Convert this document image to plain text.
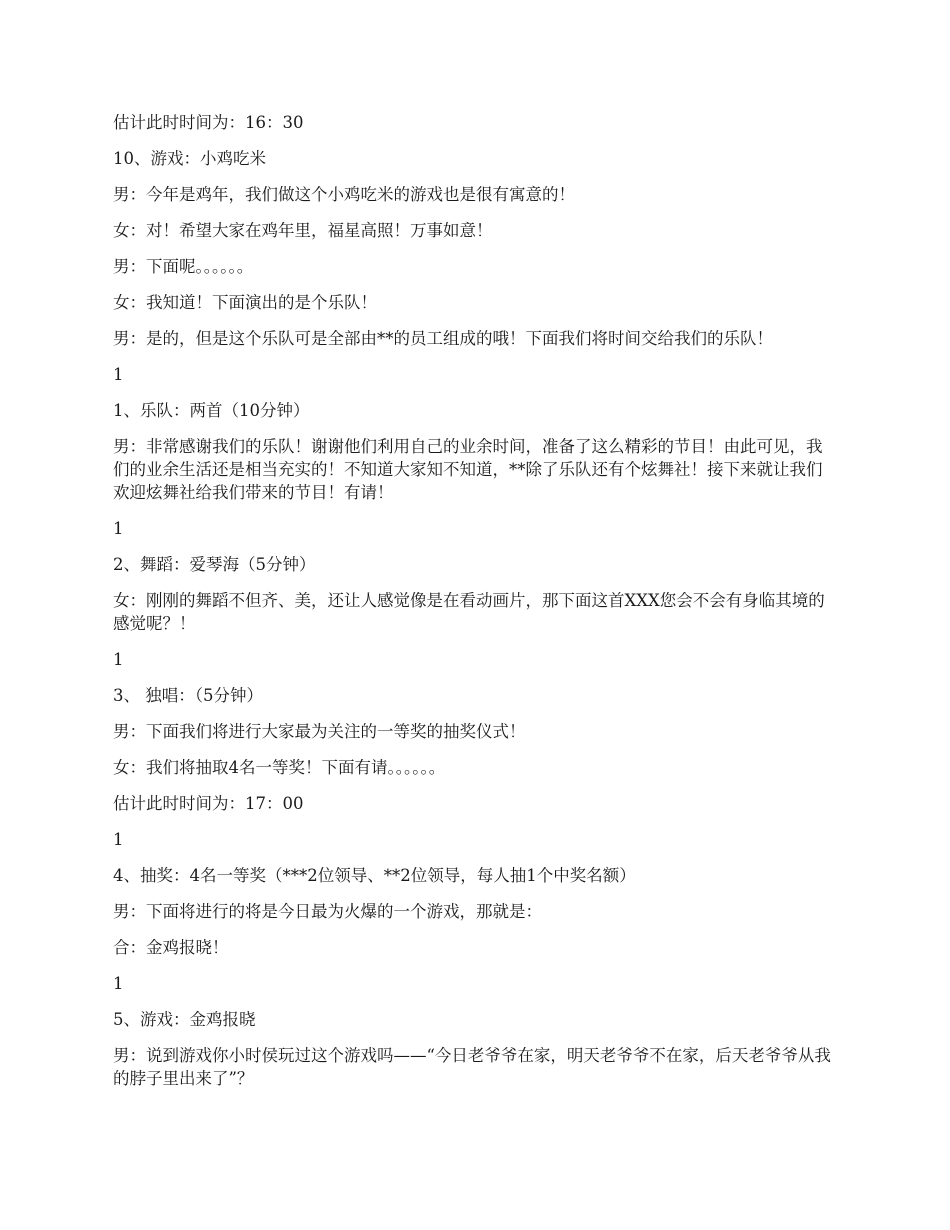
估计此时时间为：16：30

10、游戏：小鸡吃米

男：今年是鸡年，我们做这个小鸡吃米的游戏也是很有寓意的！

女：对！希望大家在鸡年里，福星高照！万事如意！

男：下面呢。。。。。。

女：我知道！下面演出的是个乐队！

男：是的，但是这个乐队可是全部由**的员工组成的哦！下面我们将时间交给我们的乐队！

1

1、乐队：两首（10分钟）

男：非常感谢我们的乐队！谢谢他们利用自己的业余时间，准备了这么精彩的节目！由此可见，我们的业余生活还是相当充实的！不知道大家知不知道，**除了乐队还有个炫舞社！接下来就让我们欢迎炫舞社给我们带来的节目！有请！

1

2、舞蹈：爱琴海（5分钟）

女：刚刚的舞蹈不但齐、美，还让人感觉像是在看动画片，那下面这首XXX您会不会有身临其境的感觉呢？！

1

3、 独唱：（5分钟）

男：下面我们将进行大家最为关注的一等奖的抽奖仪式！

女：我们将抽取4名一等奖！下面有请。。。。。。

估计此时时间为：17：00

1

4、抽奖：4名一等奖（***2位领导、**2位领导，每人抽1个中奖名额）

男：下面将进行的将是今日最为火爆的一个游戏，那就是：

合：金鸡报晓！

1

5、游戏：金鸡报晓

男：说到游戏你小时侯玩过这个游戏吗——“今日老爷爷在家，明天老爷爷不在家，后天老爷爷从我的脖子里出来了”？
